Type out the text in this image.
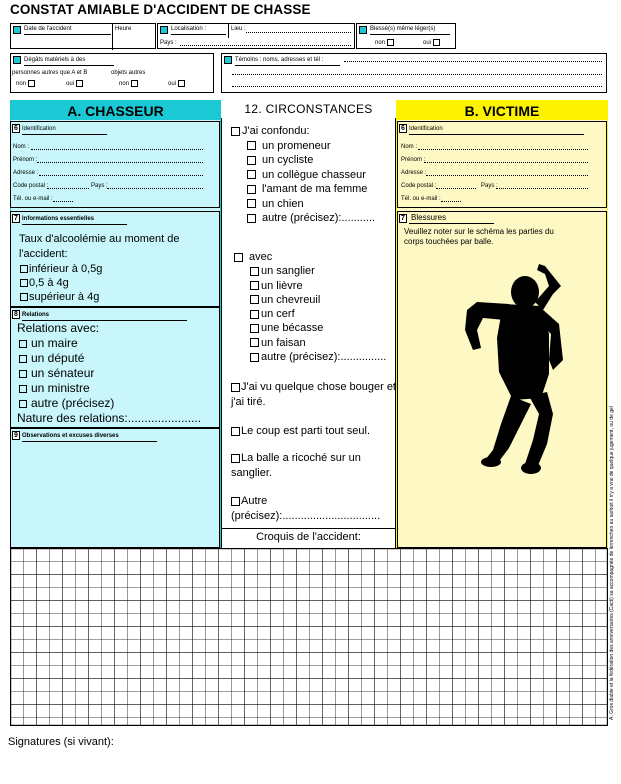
CONSTAT AMIABLE D'ACCIDENT DE CHASSE
Date de l'accident	Heure	Localisation :	Lieu :
Pays :
Blessé(s) même léger(s)
non	oui
Dégâts matériels à des
personnes autres que A et B	objets autres
non	oui	non	oui
Témoins : noms, adresses et tél :
A. CHASSEUR	12. CIRCONSTANCES	B. VICTIME
6 Identification
Nom :
Prénom :
Adresse :
Code postal :	Pays :
Tél. ou e-mail :
7 Informations essentielles
Taux d'alcoolémie au moment de l'accident:
inférieur à 0,5g
0,5 à 4g
supérieur à 4g
8 Relations
Relations avec:
un maire
un député
un sénateur
un ministre
autre (précisez)
Nature des relations:......................
9 Observations et excuses diverses
J'ai confondu:
un promeneur
un cycliste
un collègue chasseur
l'amant de ma femme
un chien
autre (précisez):...........
avec
un sanglier
un lièvre
un chevreuil
un cerf
une bécasse
un faisan
autre (précisez):...............
J'ai vu quelque chose bouger et j'ai tiré.
Le coup est parti tout seul.
La balle a ricoché sur un sanglier.
Autre (précisez):................................
Croquis de l'accident:
6 Identification
Nom :
Prénom :
Adresse :
Code postal :	Pays :
Tél. ou e-mail :
7 Blessures
Veuillez noter sur le schéma les parties du corps touchées par balle.
A. Gros diable et la fédération des anniversaires (Cacti) sa accompagnée de lerrenchen au sarboit il n'y a vrai de quelque jugement, ou de gel
Signatures (si vivant):
